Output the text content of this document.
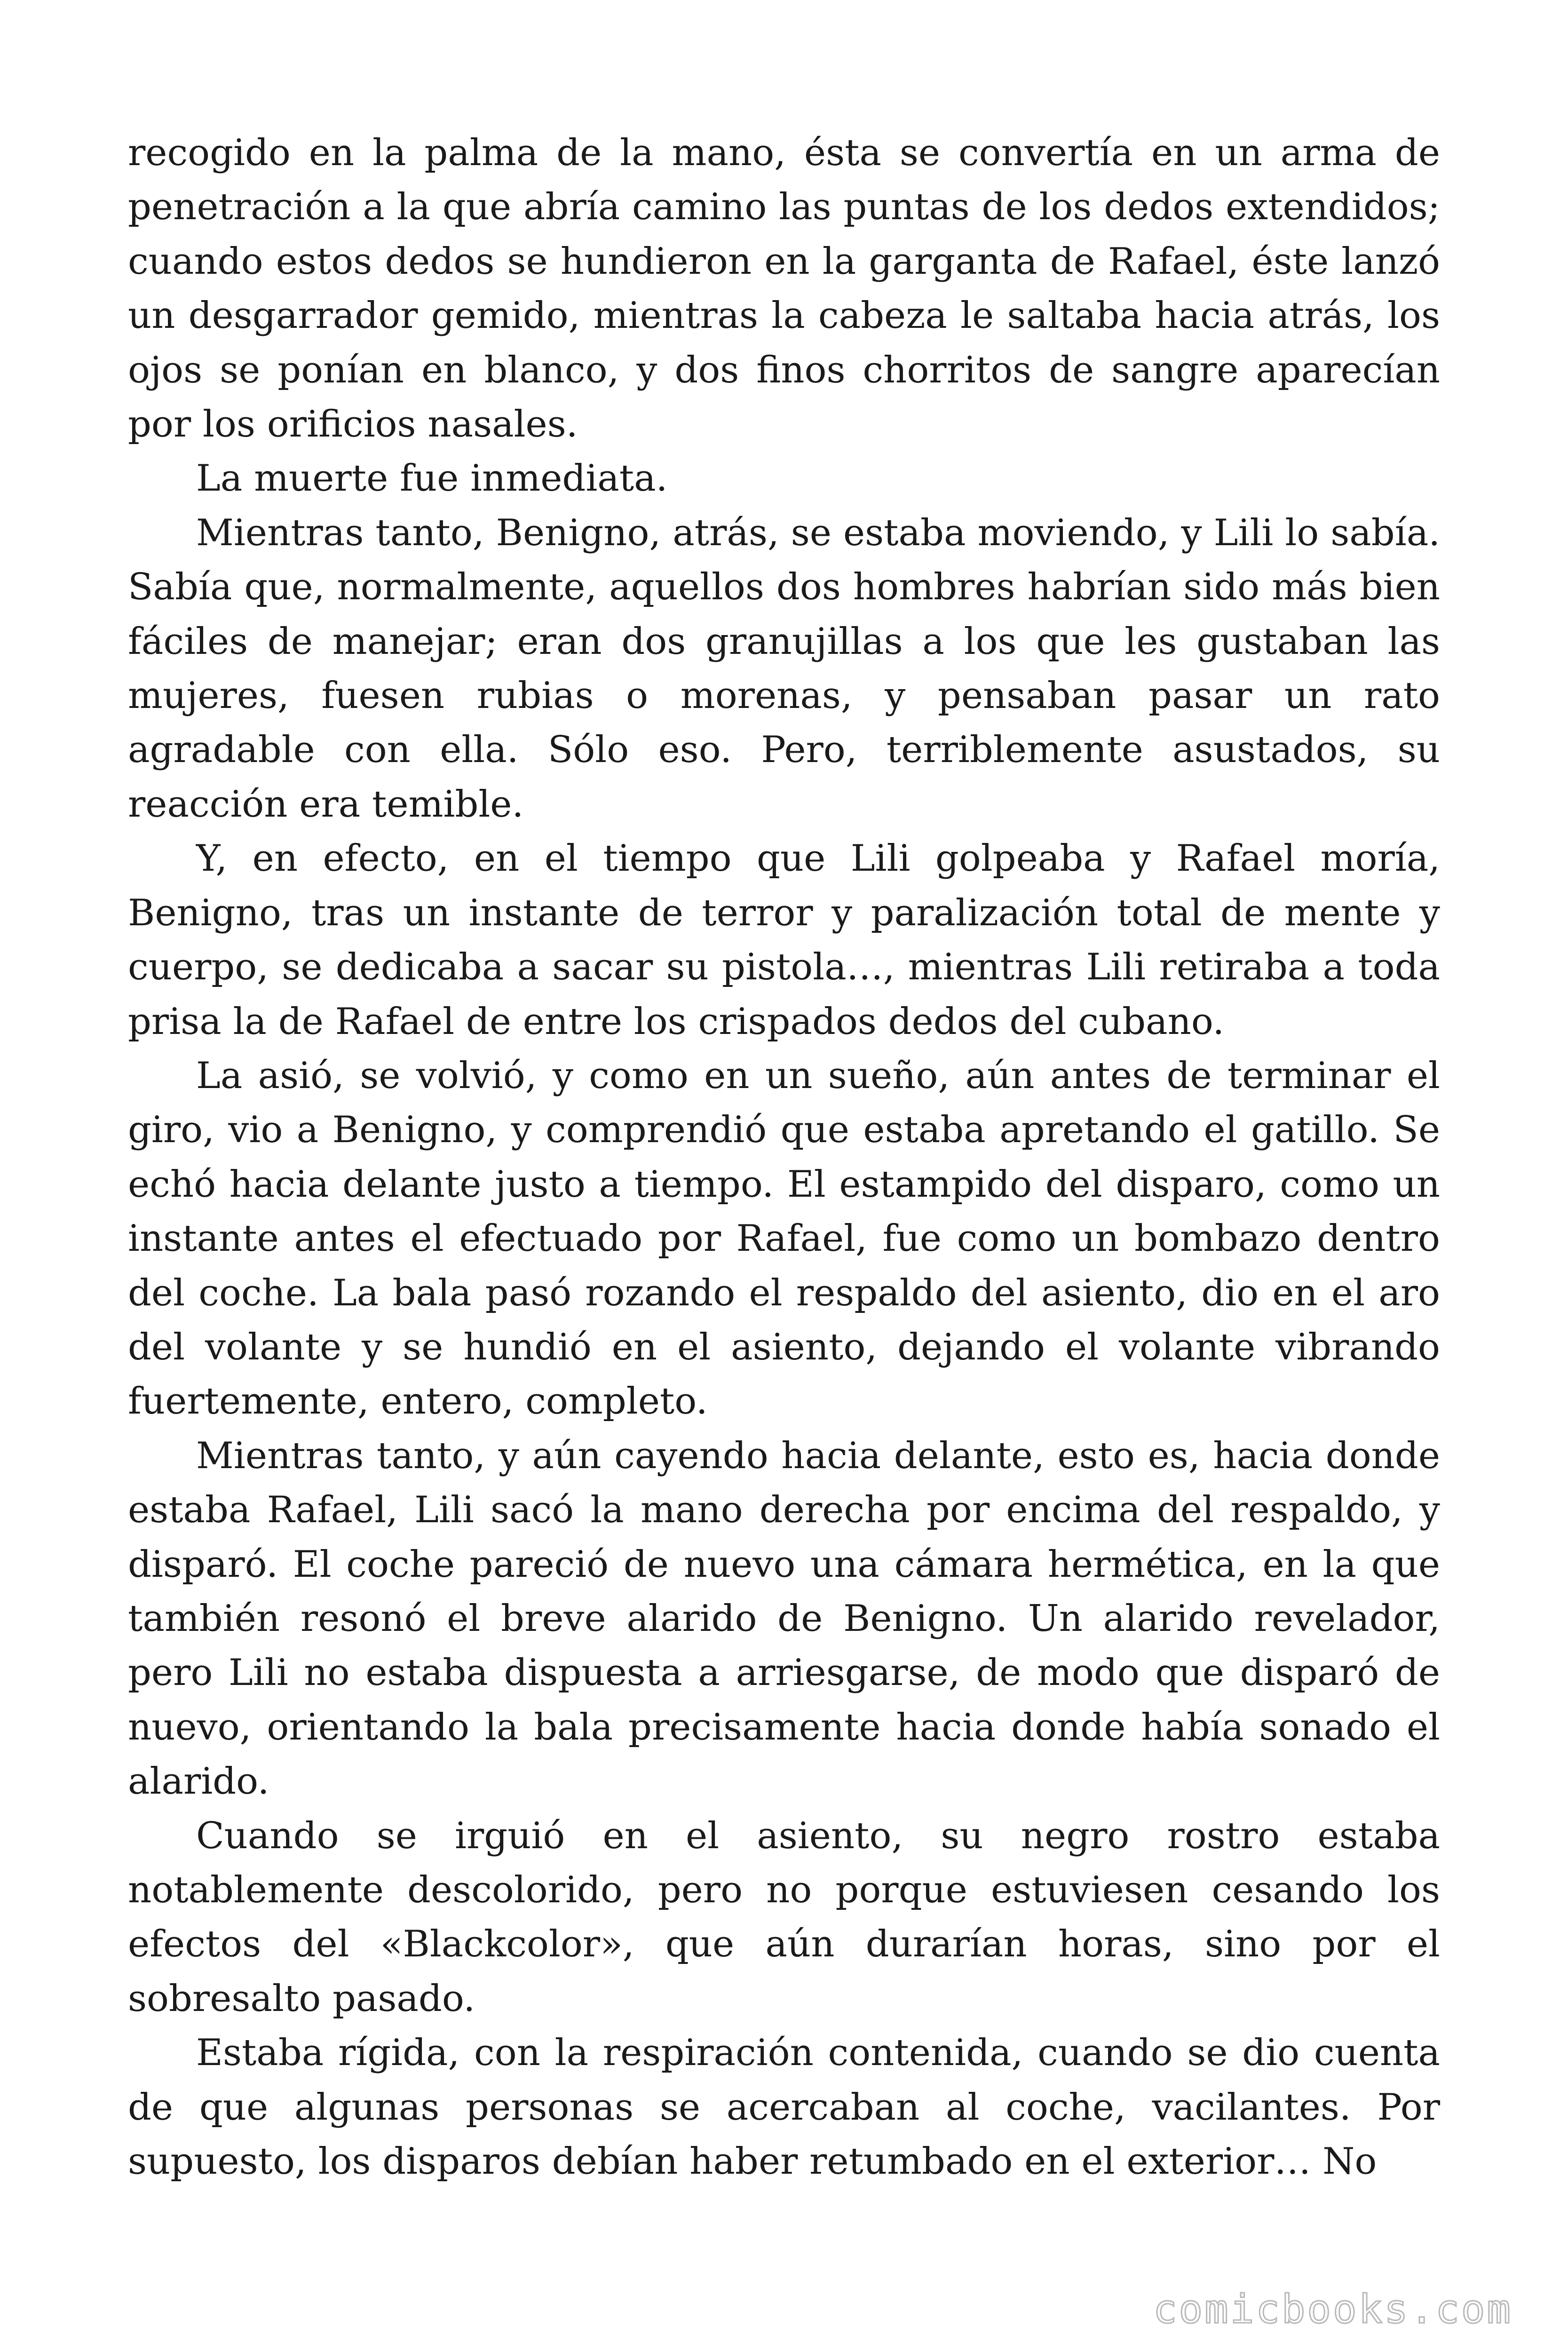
recogido en la palma de la mano, ésta se convertía en un arma de penetración a la que abría camino las puntas de los dedos extendidos; cuando estos dedos se hundieron en la garganta de Rafael, éste lanzó un desgarrador gemido, mientras la cabeza le saltaba hacia atrás, los ojos se ponían en blanco, y dos finos chorritos de sangre aparecían por los orificios nasales.

La muerte fue inmediata.

Mientras tanto, Benigno, atrás, se estaba moviendo, y Lili lo sabía. Sabía que, normalmente, aquellos dos hombres habrían sido más bien fáciles de manejar; eran dos granujillas a los que les gustaban las mujeres, fuesen rubias o morenas, y pensaban pasar un rato agradable con ella. Sólo eso. Pero, terriblemente asustados, su reacción era temible.

Y, en efecto, en el tiempo que Lili golpeaba y Rafael moría, Benigno, tras un instante de terror y paralización total de mente y cuerpo, se dedicaba a sacar su pistola…, mientras Lili retiraba a toda prisa la de Rafael de entre los crispados dedos del cubano.

La asió, se volvió, y como en un sueño, aún antes de terminar el giro, vio a Benigno, y comprendió que estaba apretando el gatillo. Se echó hacia delante justo a tiempo. El estampido del disparo, como un instante antes el efectuado por Rafael, fue como un bombazo dentro del coche. La bala pasó rozando el respaldo del asiento, dio en el aro del volante y se hundió en el asiento, dejando el volante vibrando fuertemente, entero, completo.

Mientras tanto, y aún cayendo hacia delante, esto es, hacia donde estaba Rafael, Lili sacó la mano derecha por encima del respaldo, y disparó. El coche pareció de nuevo una cámara hermética, en la que también resonó el breve alarido de Benigno. Un alarido revelador, pero Lili no estaba dispuesta a arriesgarse, de modo que disparó de nuevo, orientando la bala precisamente hacia donde había sonado el alarido.

Cuando se irguió en el asiento, su negro rostro estaba notablemente descolorido, pero no porque estuviesen cesando los efectos del «Blackcolor», que aún durarían horas, sino por el sobresalto pasado.

Estaba rígida, con la respiración contenida, cuando se dio cuenta de que algunas personas se acercaban al coche, vacilantes. Por supuesto, los disparos debían haber retumbado en el exterior… No

comicbooks.com
